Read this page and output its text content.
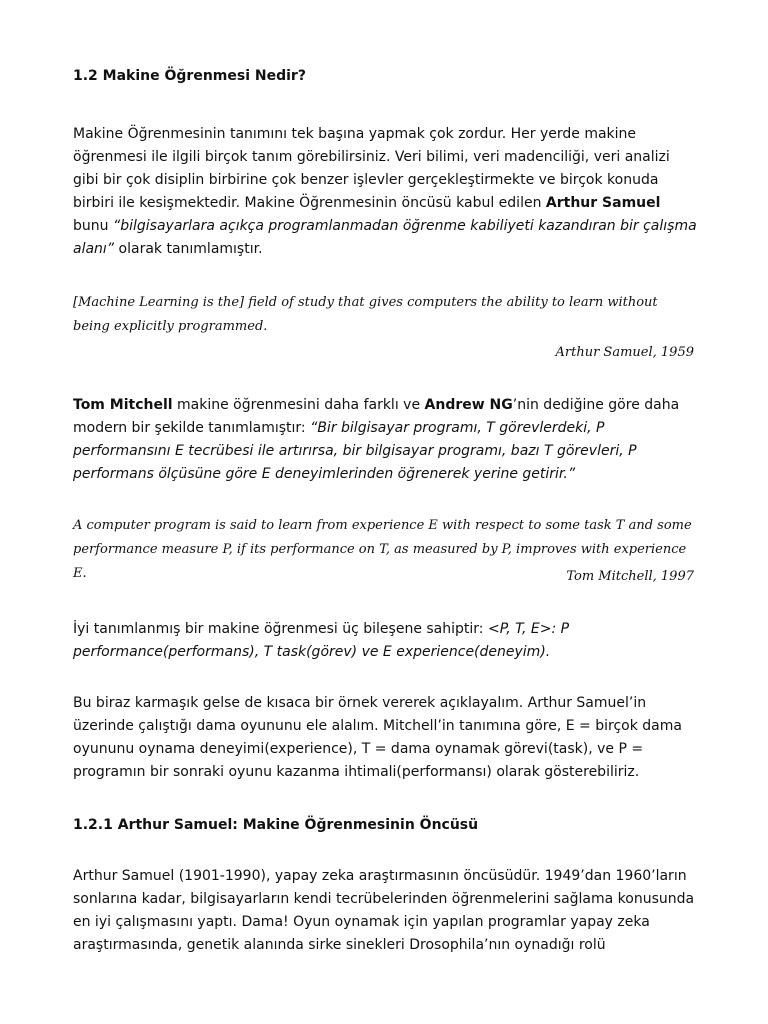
1.2 Makine Öğrenmesi Nedir?
Makine Öğrenmesinin tanımını tek başına yapmak çok zordur. Her yerde makine öğrenmesi ile ilgili birçok tanım görebilirsiniz. Veri bilimi, veri madenciliği, veri analizi gibi bir çok disiplin birbirine çok benzer işlevler gerçekleştirmekte ve birçok konuda birbiri ile kesişmektedir. Makine Öğrenmesinin öncüsü kabul edilen Arthur Samuel bunu “bilgisayarlara açıkça programlanmadan öğrenme kabiliyeti kazandıran bir çalışma alanı” olarak tanımlamıştır.
[Machine Learning is the] field of study that gives computers the ability to learn without being explicitly programmed.
Arthur Samuel, 1959
Tom Mitchell makine öğrenmesini daha farklı ve Andrew NG’nin dediğine göre daha modern bir şekilde tanımlamıştır: “Bir bilgisayar programı, T görevlerdeki, P performansını E tecrübesi ile artırırsa, bir bilgisayar programı, bazı T görevleri, P performans ölçüsüne göre E deneyimlerinden öğrenerek yerine getirir.”
A computer program is said to learn from experience E with respect to some task T and some performance measure P, if its performance on T, as measured by P, improves with experience E.	Tom Mitchell, 1997
İyi tanımlanmış bir makine öğrenmesi üç bileşene sahiptir: <P, T, E>: P performance(performans), T task(görev) ve E experience(deneyim).
Bu biraz karmaşık gelse de kısaca bir örnek vererek açıklayalım. Arthur Samuel’in üzerinde çalıştığı dama oyununu ele alalım. Mitchell’in tanımına göre, E = birçok dama oyununu oynama deneyimi(experience), T = dama oynamak görevi(task), ve P = programın bir sonraki oyunu kazanma ihtimali(performansı) olarak gösterebiliriz.
1.2.1 Arthur Samuel: Makine Öğrenmesinin Öncüsü
Arthur Samuel (1901-1990), yapay zeka araştırmasının öncüsüdür. 1949’dan 1960’ların sonlarına kadar, bilgisayarların kendi tecrübelerinden öğrenmelerini sağlama konusunda en iyi çalışmasını yaptı. Dama! Oyun oynamak için yapılan programlar yapay zeka araştırmasında, genetik alanında sirke sinekleri Drosophila’nın oynadığı rolü
